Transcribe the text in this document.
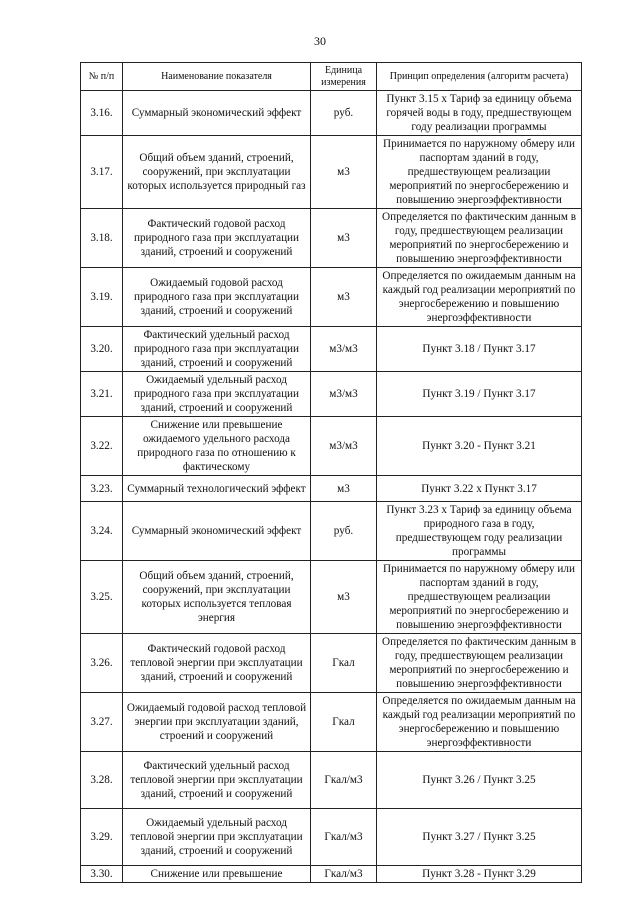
30
№ п/п	Наименование показателя	Единица измерения	Принцип определения (алгоритм расчета)
3.16.	Суммарный экономический эффект	руб.	Пункт 3.15 х Тариф за единицу объема горячей воды в году, предшествующем году реализации программы
3.17.	Общий объем зданий, строений, сооружений, при эксплуатации которых используется природный газ	м3	Принимается по наружному обмеру или паспортам зданий в году, предшествующем реализации мероприятий по энергосбережению и повышению энергоэффективности
3.18.	Фактический годовой расход природного газа при эксплуатации зданий, строений и сооружений	м3	Определяется по фактическим данным в году, предшествующем реализации мероприятий по энергосбережению и повышению энергоэффективности
3.19.	Ожидаемый годовой расход природного газа при эксплуатации зданий, строений и сооружений	м3	Определяется по ожидаемым данным на каждый год реализации мероприятий по энергосбережению и повышению энергоэффективности
3.20.	Фактический удельный расход природного газа при эксплуатации зданий, строений и сооружений	м3/м3	Пункт 3.18 / Пункт 3.17
3.21.	Ожидаемый удельный расход природного газа при эксплуатации зданий, строений и сооружений	м3/м3	Пункт 3.19 / Пункт 3.17
3.22.	Снижение или превышение ожидаемого удельного расхода природного газа по отношению к фактическому	м3/м3	Пункт 3.20 - Пункт 3.21
3.23.	Суммарный технологический эффект	м3	Пункт 3.22 х Пункт 3.17
3.24.	Суммарный экономический эффект	руб.	Пункт 3.23 х Тариф за единицу объема природного газа в году, предшествующем году реализации программы
3.25.	Общий объем зданий, строений, сооружений, при эксплуатации которых используется тепловая энергия	м3	Принимается по наружному обмеру или паспортам зданий в году, предшествующем реализации мероприятий по энергосбережению и повышению энергоэффективности
3.26.	Фактический годовой расход тепловой энергии при эксплуатации зданий, строений и сооружений	Гкал	Определяется по фактическим данным в году, предшествующем реализации мероприятий по энергосбережению и повышению энергоэффективности
3.27.	Ожидаемый годовой расход тепловой энергии при эксплуатации зданий, строений и сооружений	Гкал	Определяется по ожидаемым данным на каждый год реализации мероприятий по энергосбережению и повышению энергоэффективности
3.28.	Фактический удельный расход тепловой энергии при эксплуатации зданий, строений и сооружений	Гкал/м3	Пункт 3.26 / Пункт 3.25
3.29.	Ожидаемый удельный расход тепловой энергии при эксплуатации зданий, строений и сооружений	Гкал/м3	Пункт 3.27 / Пункт 3.25
3.30.	Снижение или превышение	Гкал/м3	Пункт 3.28 - Пункт 3.29
